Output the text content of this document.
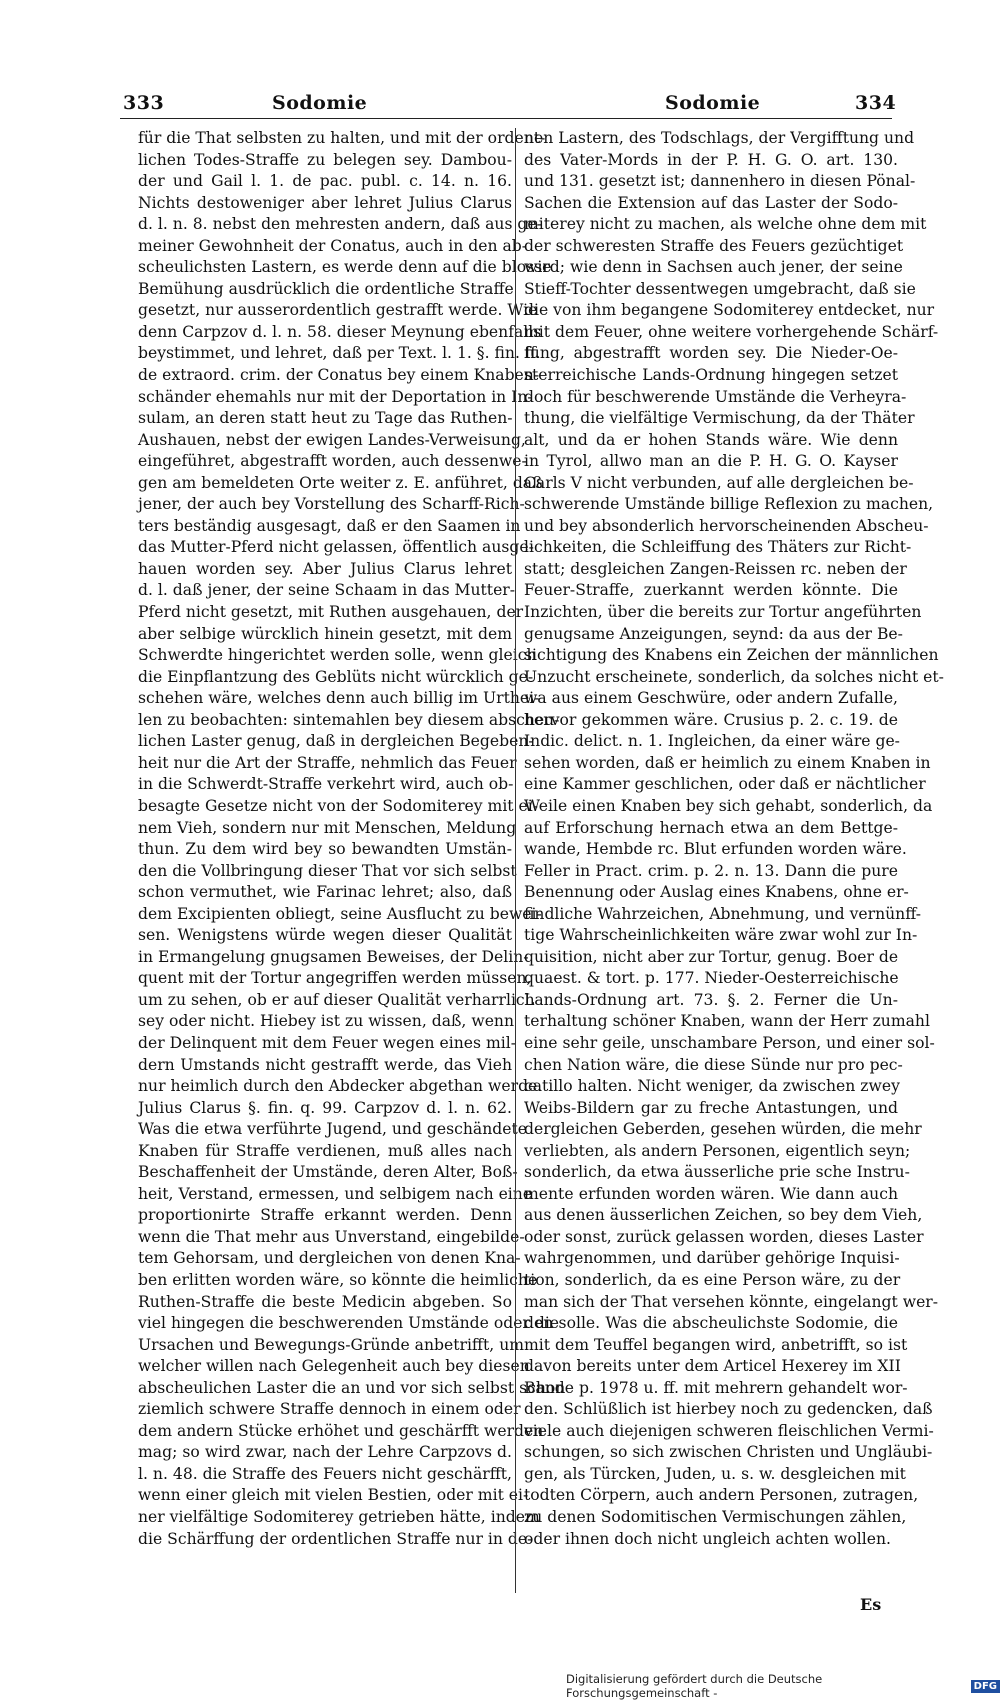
333	Sodomie	Sodomie	334
für die That selbsten zu halten, und mit der ordent-
lichen Todes-Straffe zu belegen sey. Dambou-
der und Gail l. 1. de pac. publ. c. 14. n. 16.
Nichts destoweniger aber lehret Julius Clarus
d. l. n. 8. nebst den mehresten andern, daß aus ge-
meiner Gewohnheit der Conatus, auch in den ab-
scheulichsten Lastern, es werde denn auf die blosse
Bemühung ausdrücklich die ordentliche Straffe
gesetzt, nur ausserordentlich gestrafft werde. Wie
denn Carpzov d. l. n. 58. dieser Meynung ebenfalls
beystimmet, und lehret, daß per Text. l. 1. §. fin. ff.
de extraord. crim. der Conatus bey einem Knaben-
schänder ehemahls nur mit der Deportation in In-
sulam, an deren statt heut zu Tage das Ruthen-
Aushauen, nebst der ewigen Landes-Verweisung,
eingeführet, abgestrafft worden, auch dessenwe-
gen am bemeldeten Orte weiter z. E. anführet, daß
jener, der auch bey Vorstellung des Scharff-Rich-
ters beständig ausgesagt, daß er den Saamen in
das Mutter-Pferd nicht gelassen, öffentlich ausge-
hauen worden sey. Aber Julius Clarus lehret
d. l. daß jener, der seine Schaam in das Mutter-
Pferd nicht gesetzt, mit Ruthen ausgehauen, der
aber selbige würcklich hinein gesetzt, mit dem
Schwerdte hingerichtet werden solle, wenn gleich
die Einpflantzung des Geblüts nicht würcklich ge-
schehen wäre, welches denn auch billig im Urthei-
len zu beobachten: sintemahlen bey diesem abscheu-
lichen Laster genug, daß in dergleichen Begeben-
heit nur die Art der Straffe, nehmlich das Feuer
in die Schwerdt-Straffe verkehrt wird, auch ob-
besagte Gesetze nicht von der Sodomiterey mit ei-
nem Vieh, sondern nur mit Menschen, Meldung
thun. Zu dem wird bey so bewandten Umstän-
den die Vollbringung dieser That vor sich selbst
schon vermuthet, wie Farinac lehret; also, daß
dem Excipienten obliegt, seine Ausflucht zu bewei-
sen. Wenigstens würde wegen dieser Qualität
in Ermangelung gnugsamen Beweises, der Delin-
quent mit der Tortur angegriffen werden müssen,
um zu sehen, ob er auf dieser Qualität verharrlich
sey oder nicht. Hiebey ist zu wissen, daß, wenn
der Delinquent mit dem Feuer wegen eines mil-
dern Umstands nicht gestrafft werde, das Vieh
nur heimlich durch den Abdecker abgethan werde.
Julius Clarus §. fin. q. 99. Carpzov d. l. n. 62.
Was die etwa verführte Jugend, und geschändete
Knaben für Straffe verdienen, muß alles nach
Beschaffenheit der Umstände, deren Alter, Boß-
heit, Verstand, ermessen, und selbigem nach eine
proportionirte Straffe erkannt werden. Denn
wenn die That mehr aus Unverstand, eingebilde-
tem Gehorsam, und dergleichen von denen Kna-
ben erlitten worden wäre, so könnte die heimliche
Ruthen-Straffe die beste Medicin abgeben. So
viel hingegen die beschwerenden Umstände oder die
Ursachen und Bewegungs-Gründe anbetrifft, um
welcher willen nach Gelegenheit auch bey diesen
abscheulichen Laster die an und vor sich selbst schon
ziemlich schwere Straffe dennoch in einem oder
dem andern Stücke erhöhet und geschärfft werden
mag; so wird zwar, nach der Lehre Carpzovs d.
l. n. 48. die Straffe des Feuers nicht geschärfft,
wenn einer gleich mit vielen Bestien, oder mit ei-
ner vielfältige Sodomiterey getrieben hätte, indem
die Schärffung der ordentlichen Straffe nur in de-
nen Lastern, des Todschlags, der Vergifftung und
des Vater-Mords in der P. H. G. O. art. 130.
und 131. gesetzt ist; dannenhero in diesen Pönal-
Sachen die Extension auf das Laster der Sodo-
miterey nicht zu machen, als welche ohne dem mit
der schweresten Straffe des Feuers gezüchtiget
wird; wie denn in Sachsen auch jener, der seine
Stieff-Tochter dessentwegen umgebracht, daß sie
die von ihm begangene Sodomiterey entdecket, nur
mit dem Feuer, ohne weitere vorhergehende Schärf-
fung, abgestrafft worden sey. Die Nieder-Oe-
sterreichische Lands-Ordnung hingegen setzet
doch für beschwerende Umstände die Verheyra-
thung, die vielfältige Vermischung, da der Thäter
alt, und da er hohen Stands wäre. Wie denn
in Tyrol, allwo man an die P. H. G. O. Kayser
Carls V nicht verbunden, auf alle dergleichen be-
schwerende Umstände billige Reflexion zu machen,
und bey absonderlich hervorscheinenden Abscheu-
lichkeiten, die Schleiffung des Thäters zur Richt-
statt; desgleichen Zangen-Reissen rc. neben der
Feuer-Straffe, zuerkannt werden könnte. Die
Inzichten, über die bereits zur Tortur angeführten
genugsame Anzeigungen, seynd: da aus der Be-
sichtigung des Knabens ein Zeichen der männlichen
Unzucht erscheinete, sonderlich, da solches nicht et-
wa aus einem Geschwüre, oder andern Zufalle,
hervor gekommen wäre. Crusius p. 2. c. 19. de
Indic. delict. n. 1. Ingleichen, da einer wäre ge-
sehen worden, daß er heimlich zu einem Knaben in
eine Kammer geschlichen, oder daß er nächtlicher
Weile einen Knaben bey sich gehabt, sonderlich, da
auf Erforschung hernach etwa an dem Bettge-
wande, Hembde rc. Blut erfunden worden wäre.
Feller in Pract. crim. p. 2. n. 13. Dann die pure
Benennung oder Auslag eines Knabens, ohne er-
findliche Wahrzeichen, Abnehmung, und vernünff-
tige Wahrscheinlichkeiten wäre zwar wohl zur In-
quisition, nicht aber zur Tortur, genug. Boer de
quaest. & tort. p. 177. Nieder-Oesterreichische
Lands-Ordnung art. 73. §. 2. Ferner die Un-
terhaltung schöner Knaben, wann der Herr zumahl
eine sehr geile, unschambare Person, und einer sol-
chen Nation wäre, die diese Sünde nur pro pec-
catillo halten. Nicht weniger, da zwischen zwey
Weibs-Bildern gar zu freche Antastungen, und
dergleichen Geberden, gesehen würden, die mehr
verliebten, als andern Personen, eigentlich seyn;
sonderlich, da etwa äusserliche prie sche Instru-
mente erfunden worden wären. Wie dann auch
aus denen äusserlichen Zeichen, so bey dem Vieh,
oder sonst, zurück gelassen worden, dieses Laster
wahrgenommen, und darüber gehörige Inquisi-
tion, sonderlich, da es eine Person wäre, zu der
man sich der That versehen könnte, eingelangt wer-
den solle. Was die abscheulichste Sodomie, die
mit dem Teuffel begangen wird, anbetrifft, so ist
davon bereits unter dem Articel Hexerey im XII
Bande p. 1978 u. ff. mit mehrern gehandelt wor-
den. Schlüßlich ist hierbey noch zu gedencken, daß
viele auch diejenigen schweren fleischlichen Vermi-
schungen, so sich zwischen Christen und Ungläubi-
gen, als Türcken, Juden, u. s. w. desgleichen mit
todten Cörpern, auch andern Personen, zutragen,
zu denen Sodomitischen Vermischungen zählen,
oder ihnen doch nicht ungleich achten wollen.
Es
Digitalisierung gefördert durch die Deutsche Forschungsgemeinschaft -	DFG
